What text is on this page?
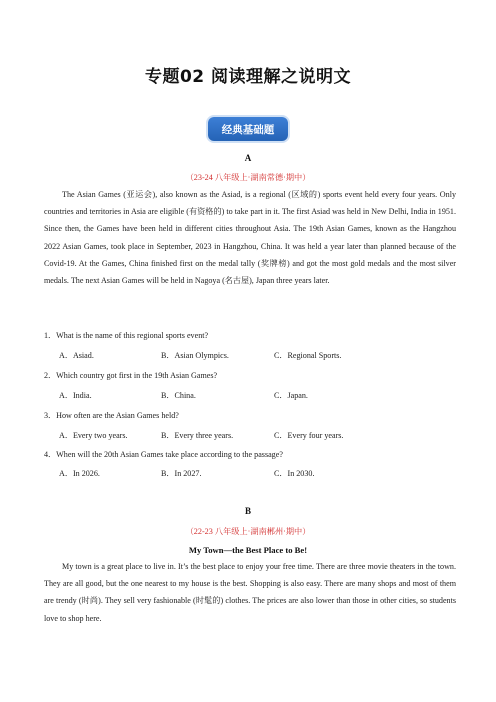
专题02 阅读理解之说明文
经典基础题
A
（23-24 八年级上·湖南常德·期中）
The Asian Games (亚运会), also known as the Asiad, is a regional (区域的) sports event held every four years. Only countries and territories in Asia are eligible (有资格的) to take part in it. The first Asiad was held in New Delhi, India in 1951. Since then, the Games have been held in different cities throughout Asia. The 19th Asian Games, known as the Hangzhou 2022 Asian Games, took place in September, 2023 in Hangzhou, China. It was held a year later than planned because of the Covid-19. At the Games, China finished first on the medal tally (奖牌榜) and got the most gold medals and the most silver medals. The next Asian Games will be held in Nagoya (名古屋), Japan three years later.
1．What is the name of this regional sports event?
A．Asiad.	B．Asian Olympics.	C．Regional Sports.
2．Which country got first in the 19th Asian Games?
A．India.	B．China.	C．Japan.
3．How often are the Asian Games held?
A．Every two years.	B．Every three years.	C．Every four years.
4．When will the 20th Asian Games take place according to the passage?
A．In 2026.	B．In 2027.	C．In 2030.
B
（22-23 八年级上·湖南郴州·期中）
My Town—the Best Place to Be!
My town is a great place to live in. It’s the best place to enjoy your free time. There are three movie theaters in the town. They are all good, but the one nearest to my house is the best. Shopping is also easy. There are many shops and most of them are trendy (时尚). They sell very fashionable (时髦的) clothes. The prices are also lower than those in other cities, so students love to shop here.
